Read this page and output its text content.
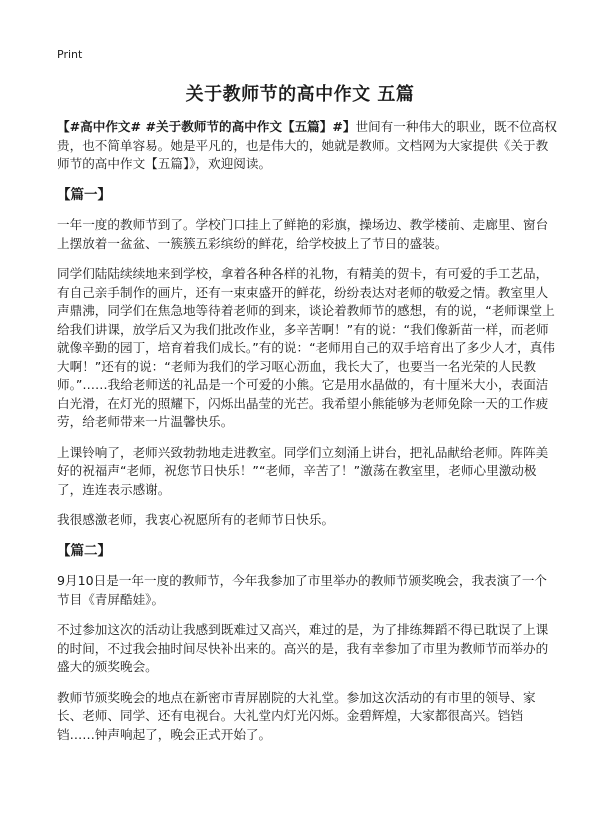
Print
关于教师节的高中作文 五篇

【#高中作文# #关于教师节的高中作文【五篇】#】世间有一种伟大的职业，既不位高权贵，也不简单容易。她是平凡的，也是伟大的，她就是教师。文档网为大家提供《关于教师节的高中作文【五篇】》，欢迎阅读。

【篇一】

一年一度的教师节到了。学校门口挂上了鲜艳的彩旗，操场边、教学楼前、走廊里、窗台上摆放着一盆盆、一簇簇五彩缤纷的鲜花，给学校披上了节日的盛装。

同学们陆陆续续地来到学校，拿着各种各样的礼物，有精美的贺卡，有可爱的手工艺品，有自己亲手制作的画片，还有一束束盛开的鲜花，纷纷表达对老师的敬爱之情。教室里人声鼎沸，同学们在焦急地等待着老师的到来，谈论着教师节的感想，有的说，“老师课堂上给我们讲课，放学后又为我们批改作业，多辛苦啊！”有的说：“我们像新苗一样，而老师就像辛勤的园丁，培育着我们成长。”有的说：“老师用自己的双手培育出了多少人才，真伟大啊！”还有的说：“老师为我们的学习呕心沥血，我长大了，也要当一名光荣的人民教师。”……我给老师送的礼品是一个可爱的小熊。它是用水晶做的，有十厘米大小，表面洁白光滑，在灯光的照耀下，闪烁出晶莹的光芒。我希望小熊能够为老师免除一天的工作疲劳，给老师带来一片温馨快乐。

上课铃响了，老师兴致勃勃地走进教室。同学们立刻涌上讲台，把礼品献给老师。阵阵美好的祝福声“老师，祝您节日快乐！”“老师，辛苦了！”激荡在教室里，老师心里激动极了，连连表示感谢。

我很感激老师，我衷心祝愿所有的老师节日快乐。

【篇二】

9月10日是一年一度的教师节，今年我参加了市里举办的教师节颁奖晚会，我表演了一个节目《青屏酷娃》。

不过参加这次的活动让我感到既难过又高兴，难过的是，为了排练舞蹈不得已耽误了上课的时间，不过我会抽时间尽快补出来的。高兴的是，我有幸参加了市里为教师节而举办的盛大的颁奖晚会。

教师节颁奖晚会的地点在新密市青屏剧院的大礼堂。参加这次活动的有市里的领导、家长、老师、同学、还有电视台。大礼堂内灯光闪烁。金碧辉煌，大家都很高兴。铛铛铛……钟声响起了，晚会正式开始了。
